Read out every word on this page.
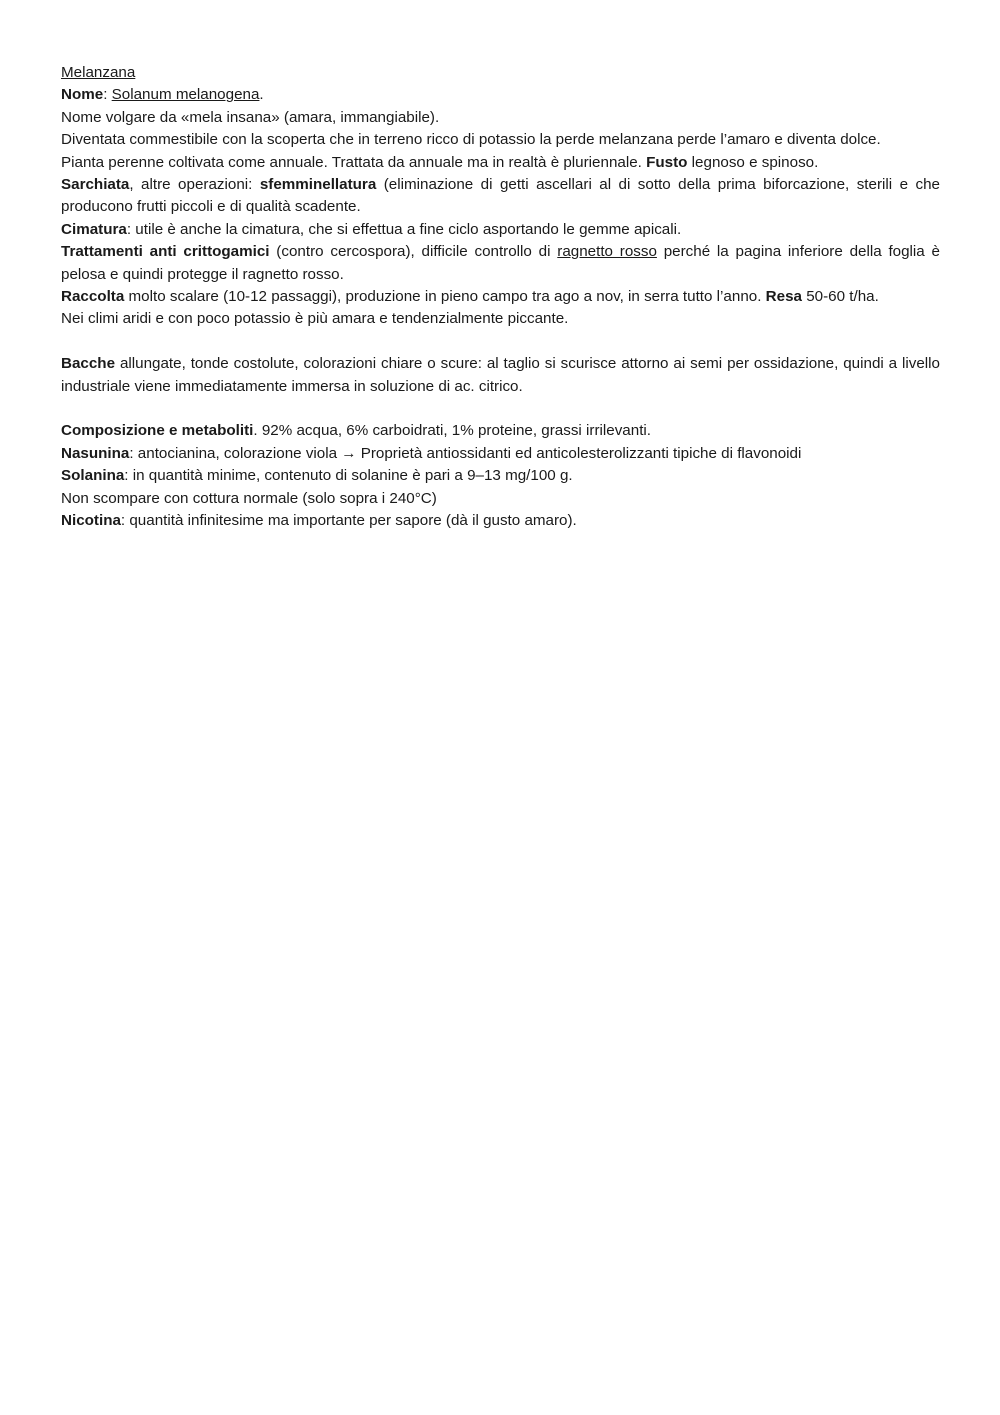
Melanzana

Nome: Solanum melanogena.

Nome volgare da «mela insana» (amara, immangiabile).

Diventata commestibile con la scoperta che in terreno ricco di potassio la perde melanzana perde l’amaro e diventa dolce.

Pianta perenne coltivata come annuale. Trattata da annuale ma in realtà è pluriennale. Fusto legnoso e spinoso.

Sarchiata, altre operazioni: sfemminellatura (eliminazione di getti ascellari al di sotto della prima biforcazione, sterili e che producono frutti piccoli e di qualità scadente.

Cimatura: utile è anche la cimatura, che si effettua a fine ciclo asportando le gemme apicali.

Trattamenti anti crittogamici (contro cercospora), difficile controllo di ragnetto rosso perché la pagina inferiore della foglia è pelosa e quindi protegge il ragnetto rosso.

Raccolta molto scalare (10-12 passaggi), produzione in pieno campo tra ago a nov, in serra tutto l’anno. Resa 50-60 t/ha.

Nei climi aridi e con poco potassio è più amara e tendenzialmente piccante.

Bacche allungate, tonde costolute, colorazioni chiare o scure: al taglio si scurisce attorno ai semi per ossidazione, quindi a livello industriale viene immediatamente immersa in soluzione di ac. citrico.

Composizione e metaboliti. 92% acqua, 6% carboidrati, 1% proteine, grassi irrilevanti.

Nasunina: antocianina, colorazione viola → Proprietà antiossidanti ed anticolesterolizzanti tipiche di flavonoidi

Solanina: in quantità minime, contenuto di solanine è pari a 9–13 mg/100 g.

Non scompare con cottura normale (solo sopra i 240°C)

Nicotina: quantità infinitesime ma importante per sapore (dà il gusto amaro).
